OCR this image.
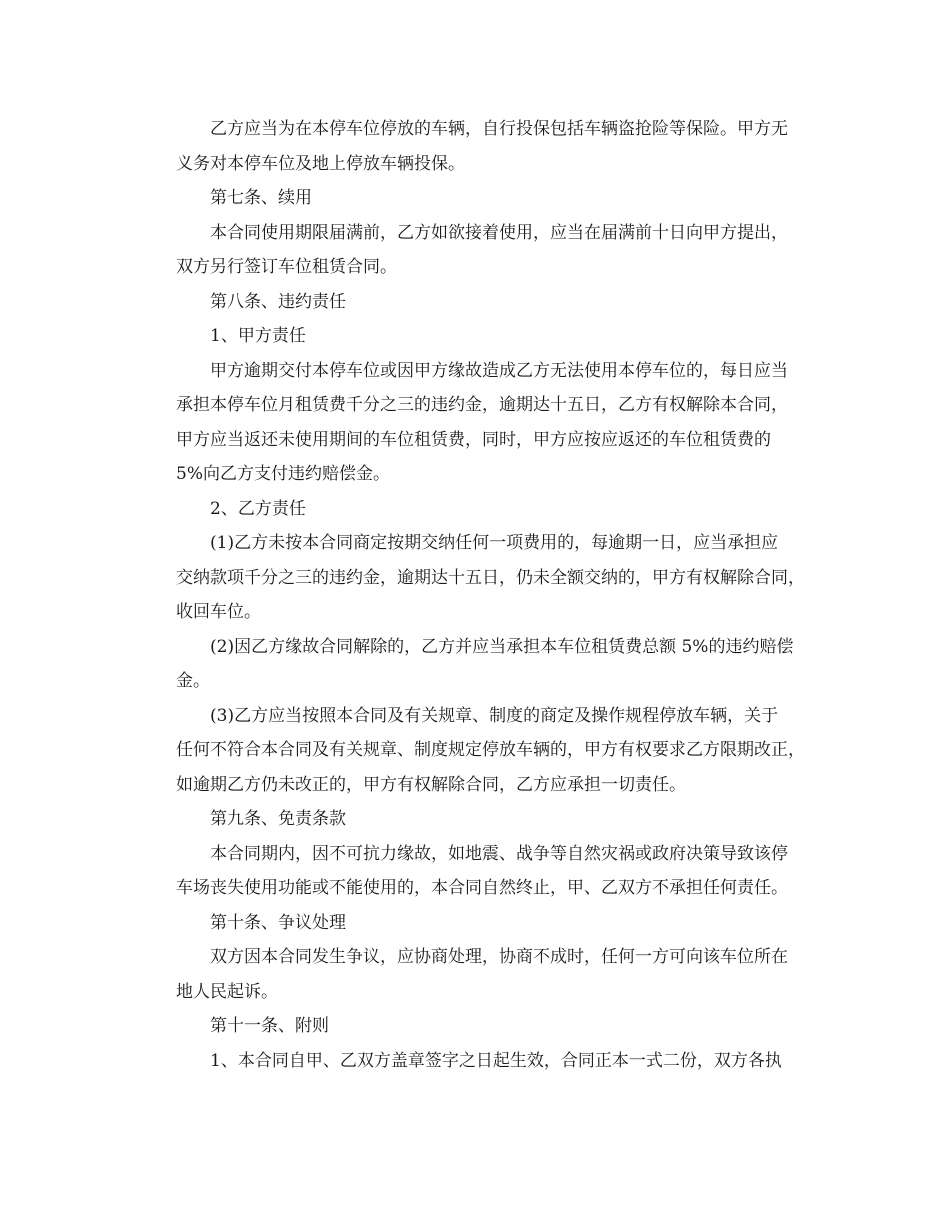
乙方应当为在本停车位停放的车辆，自行投保包括车辆盗抢险等保险。甲方无
义务对本停车位及地上停放车辆投保。
第七条、续用
本合同使用期限届满前，乙方如欲接着使用，应当在届满前十日向甲方提出，
双方另行签订车位租赁合同。
第八条、违约责任
1、甲方责任
甲方逾期交付本停车位或因甲方缘故造成乙方无法使用本停车位的，每日应当
承担本停车位月租赁费千分之三的违约金，逾期达十五日，乙方有权解除本合同，
甲方应当返还未使用期间的车位租赁费，同时，甲方应按应返还的车位租赁费的
5%向乙方支付违约赔偿金。
2、乙方责任
(1)乙方未按本合同商定按期交纳任何一项费用的，每逾期一日，应当承担应
交纳款项千分之三的违约金，逾期达十五日，仍未全额交纳的，甲方有权解除合同，
收回车位。
(2)因乙方缘故合同解除的，乙方并应当承担本车位租赁费总额 5%的违约赔偿
金。
(3)乙方应当按照本合同及有关规章、制度的商定及操作规程停放车辆，关于
任何不符合本合同及有关规章、制度规定停放车辆的，甲方有权要求乙方限期改正，
如逾期乙方仍未改正的，甲方有权解除合同，乙方应承担一切责任。
第九条、免责条款
本合同期内，因不可抗力缘故，如地震、战争等自然灾祸或政府决策导致该停
车场丧失使用功能或不能使用的，本合同自然终止，甲、乙双方不承担任何责任。
第十条、争议处理
双方因本合同发生争议，应协商处理，协商不成时，任何一方可向该车位所在
地人民起诉。
第十一条、附则
1、本合同自甲、乙双方盖章签字之日起生效，合同正本一式二份，双方各执
